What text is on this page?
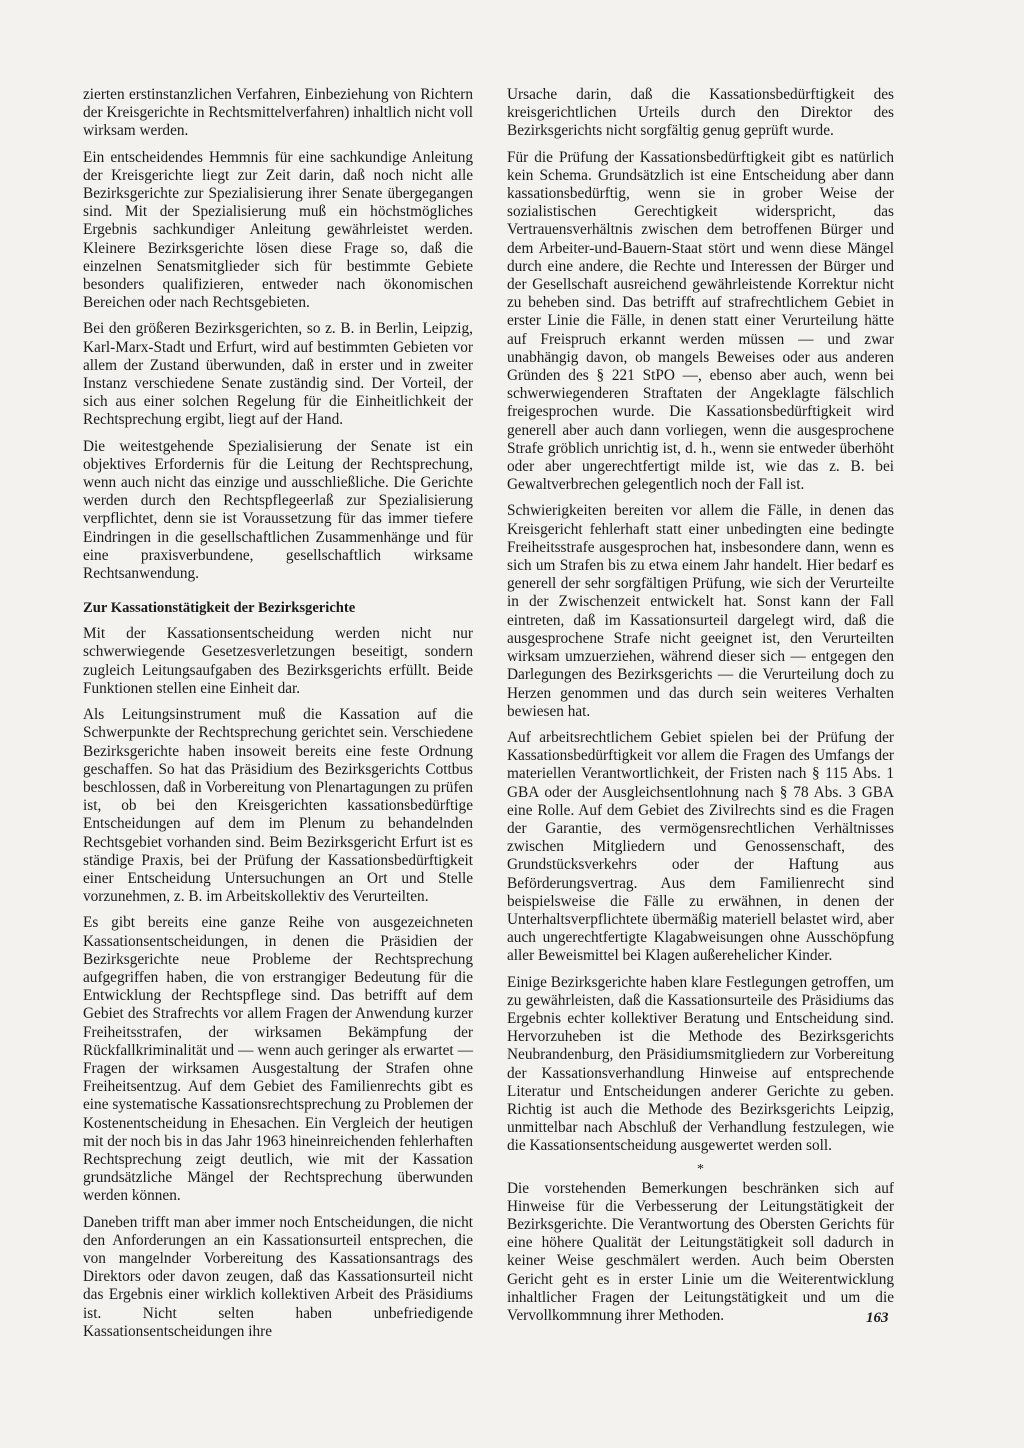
zierten erstinstanzlichen Verfahren, Einbeziehung von Richtern der Kreisgerichte in Rechtsmittelverfahren) inhaltlich nicht voll wirksam werden.

Ein entscheidendes Hemmnis für eine sachkundige Anleitung der Kreisgerichte liegt zur Zeit darin, daß noch nicht alle Bezirksgerichte zur Spezialisierung ihrer Senate übergegangen sind. Mit der Spezialisierung muß ein höchstmögliches Ergebnis sachkundiger Anleitung gewährleistet werden. Kleinere Bezirksgerichte lösen diese Frage so, daß die einzelnen Senatsmitglieder sich für bestimmte Gebiete besonders qualifizieren, entweder nach ökonomischen Bereichen oder nach Rechtsgebieten.

Bei den größeren Bezirksgerichten, so z. B. in Berlin, Leipzig, Karl-Marx-Stadt und Erfurt, wird auf bestimmten Gebieten vor allem der Zustand überwunden, daß in erster und in zweiter Instanz verschiedene Senate zuständig sind. Der Vorteil, der sich aus einer solchen Regelung für die Einheitlichkeit der Rechtsprechung ergibt, liegt auf der Hand.

Die weitestgehende Spezialisierung der Senate ist ein objektives Erfordernis für die Leitung der Rechtsprechung, wenn auch nicht das einzige und ausschließliche. Die Gerichte werden durch den Rechtspflegeerlaß zur Spezialisierung verpflichtet, denn sie ist Voraussetzung für das immer tiefere Eindringen in die gesellschaftlichen Zusammenhänge und für eine praxisverbundene, gesellschaftlich wirksame Rechtsanwendung.

Zur Kassationstätigkeit der Bezirksgerichte

Mit der Kassationsentscheidung werden nicht nur schwerwiegende Gesetzesverletzungen beseitigt, sondern zugleich Leitungsaufgaben des Bezirksgerichts erfüllt. Beide Funktionen stellen eine Einheit dar.

Als Leitungsinstrument muß die Kassation auf die Schwerpunkte der Rechtsprechung gerichtet sein. Verschiedene Bezirksgerichte haben insoweit bereits eine feste Ordnung geschaffen. So hat das Präsidium des Bezirksgerichts Cottbus beschlossen, daß in Vorbereitung von Plenartagungen zu prüfen ist, ob bei den Kreisgerichten kassationsbedürftige Entscheidungen auf dem im Plenum zu behandelnden Rechtsgebiet vorhanden sind. Beim Bezirksgericht Erfurt ist es ständige Praxis, bei der Prüfung der Kassationsbedürftigkeit einer Entscheidung Untersuchungen an Ort und Stelle vorzunehmen, z. B. im Arbeitskollektiv des Verurteilten.

Es gibt bereits eine ganze Reihe von ausgezeichneten Kassationsentscheidungen, in denen die Präsidien der Bezirksgerichte neue Probleme der Rechtsprechung aufgegriffen haben, die von erstrangiger Bedeutung für die Entwicklung der Rechtspflege sind. Das betrifft auf dem Gebiet des Strafrechts vor allem Fragen der Anwendung kurzer Freiheitsstrafen, der wirksamen Bekämpfung der Rückfallkriminalität und — wenn auch geringer als erwartet — Fragen der wirksamen Ausgestaltung der Strafen ohne Freiheitsentzug. Auf dem Gebiet des Familienrechts gibt es eine systematische Kassationsrechtsprechung zu Problemen der Kostenentscheidung in Ehesachen. Ein Vergleich der heutigen mit der noch bis in das Jahr 1963 hineinreichenden fehlerhaften Rechtsprechung zeigt deutlich, wie mit der Kassation grundsätzliche Mängel der Rechtsprechung überwunden werden können.

Daneben trifft man aber immer noch Entscheidungen, die nicht den Anforderungen an ein Kassationsurteil entsprechen, die von mangelnder Vorbereitung des Kassationsantrags des Direktors oder davon zeugen, daß das Kassationsurteil nicht das Ergebnis einer wirklich kollektiven Arbeit des Präsidiums ist. Nicht selten haben unbefriedigende Kassationsentscheidungen ihre

Ursache darin, daß die Kassationsbedürftigkeit des kreisgerichtlichen Urteils durch den Direktor des Bezirksgerichts nicht sorgfältig genug geprüft wurde.

Für die Prüfung der Kassationsbedürftigkeit gibt es natürlich kein Schema. Grundsätzlich ist eine Entscheidung aber dann kassationsbedürftig, wenn sie in grober Weise der sozialistischen Gerechtigkeit widerspricht, das Vertrauensverhältnis zwischen dem betroffenen Bürger und dem Arbeiter-und-Bauern-Staat stört und wenn diese Mängel durch eine andere, die Rechte und Interessen der Bürger und der Gesellschaft ausreichend gewährleistende Korrektur nicht zu beheben sind. Das betrifft auf strafrechtlichem Gebiet in erster Linie die Fälle, in denen statt einer Verurteilung hätte auf Freispruch erkannt werden müssen — und zwar unabhängig davon, ob mangels Beweises oder aus anderen Gründen des § 221 StPO —, ebenso aber auch, wenn bei schwerwiegenderen Straftaten der Angeklagte fälschlich freigesprochen wurde. Die Kassationsbedürftigkeit wird generell aber auch dann vorliegen, wenn die ausgesprochene Strafe gröblich unrichtig ist, d. h., wenn sie entweder überhöht oder aber ungerechtfertigt milde ist, wie das z. B. bei Gewaltverbrechen gelegentlich noch der Fall ist.

Schwierigkeiten bereiten vor allem die Fälle, in denen das Kreisgericht fehlerhaft statt einer unbedingten eine bedingte Freiheitsstrafe ausgesprochen hat, insbesondere dann, wenn es sich um Strafen bis zu etwa einem Jahr handelt. Hier bedarf es generell der sehr sorgfältigen Prüfung, wie sich der Verurteilte in der Zwischenzeit entwickelt hat. Sonst kann der Fall eintreten, daß im Kassationsurteil dargelegt wird, daß die ausgesprochene Strafe nicht geeignet ist, den Verurteilten wirksam umzuerziehen, während dieser sich — entgegen den Darlegungen des Bezirksgerichts — die Verurteilung doch zu Herzen genommen und das durch sein weiteres Verhalten bewiesen hat.

Auf arbeitsrechtlichem Gebiet spielen bei der Prüfung der Kassationsbedürftigkeit vor allem die Fragen des Umfangs der materiellen Verantwortlichkeit, der Fristen nach § 115 Abs. 1 GBA oder der Ausgleichsentlohnung nach § 78 Abs. 3 GBA eine Rolle. Auf dem Gebiet des Zivilrechts sind es die Fragen der Garantie, des vermögensrechtlichen Verhältnisses zwischen Mitgliedern und Genossenschaft, des Grundstücksverkehrs oder der Haftung aus Beförderungsvertrag. Aus dem Familienrecht sind beispielsweise die Fälle zu erwähnen, in denen der Unterhaltsverpflichtete übermäßig materiell belastet wird, aber auch ungerechtfertigte Klagabweisungen ohne Ausschöpfung aller Beweismittel bei Klagen außerehelicher Kinder.

Einige Bezirksgerichte haben klare Festlegungen getroffen, um zu gewährleisten, daß die Kassationsurteile des Präsidiums das Ergebnis echter kollektiver Beratung und Entscheidung sind. Hervorzuheben ist die Methode des Bezirksgerichts Neubrandenburg, den Präsidiumsmitgliedern zur Vorbereitung der Kassationsverhandlung Hinweise auf entsprechende Literatur und Entscheidungen anderer Gerichte zu geben. Richtig ist auch die Methode des Bezirksgerichts Leipzig, unmittelbar nach Abschluß der Verhandlung festzulegen, wie die Kassationsentscheidung ausgewertet werden soll.

*

Die vorstehenden Bemerkungen beschränken sich auf Hinweise für die Verbesserung der Leitungstätigkeit der Bezirksgerichte. Die Verantwortung des Obersten Gerichts für eine höhere Qualität der Leitungstätigkeit soll dadurch in keiner Weise geschmälert werden. Auch beim Obersten Gericht geht es in erster Linie um die Weiterentwicklung inhaltlicher Fragen der Leitungstätigkeit und um die Vervollkommnung ihrer Methoden.	163
